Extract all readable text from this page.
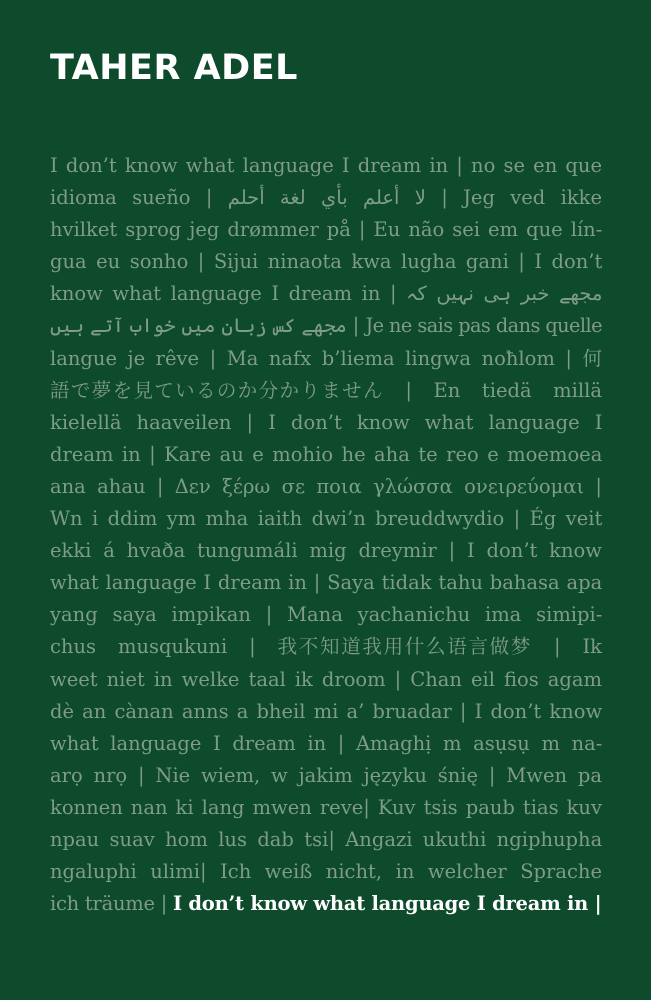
TAHER ADEL
I don’t know what language I dream in | no se en que
idioma sueño | لا أعلم بأي لغة أحلم | Jeg ved ikke
hvilket sprog jeg drømmer på | Eu não sei em que lín-
gua eu sonho | Sijui ninaota kwa lugha gani | I don’t
know what language I dream in | مجھے خبر ہی نہیں کہ
مجھے کس زبان میں خواب آتے ہیں | Je ne sais pas dans quelle
langue je rêve | Ma nafx b’liema lingwa noħlom | 何
語で夢を見ているのか分かりません | En tiedä millä
kielellä haaveilen | I don’t know what language I
dream in | Kare au e mohio he aha te reo e moemoea
ana ahau | Δεν ξέρω σε ποια γλώσσα ονειρεύομαι |
Wn i ddim ym mha iaith dwi’n breuddwydio | Ég veit
ekki á hvaða tungumáli mig dreymir | I don’t know
what language I dream in | Saya tidak tahu bahasa apa
yang saya impikan | Mana yachanichu ima simipi-
chus musqukuni | 我不知道我用什么语言做梦 | Ik
weet niet in welke taal ik droom | Chan eil fios agam
dè an cànan anns a bheil mi a’ bruadar | I don’t know
what language I dream in | Amaghị m asụsụ m na-
arọ nrọ | Nie wiem, w jakim języku śnię | Mwen pa
konnen nan ki lang mwen reve| Kuv tsis paub tias kuv
npau suav hom lus dab tsi| Angazi ukuthi ngiphupha
ngaluphi ulimi| Ich weiß nicht, in welcher Sprache
ich träume | I don’t know what language I dream in |
